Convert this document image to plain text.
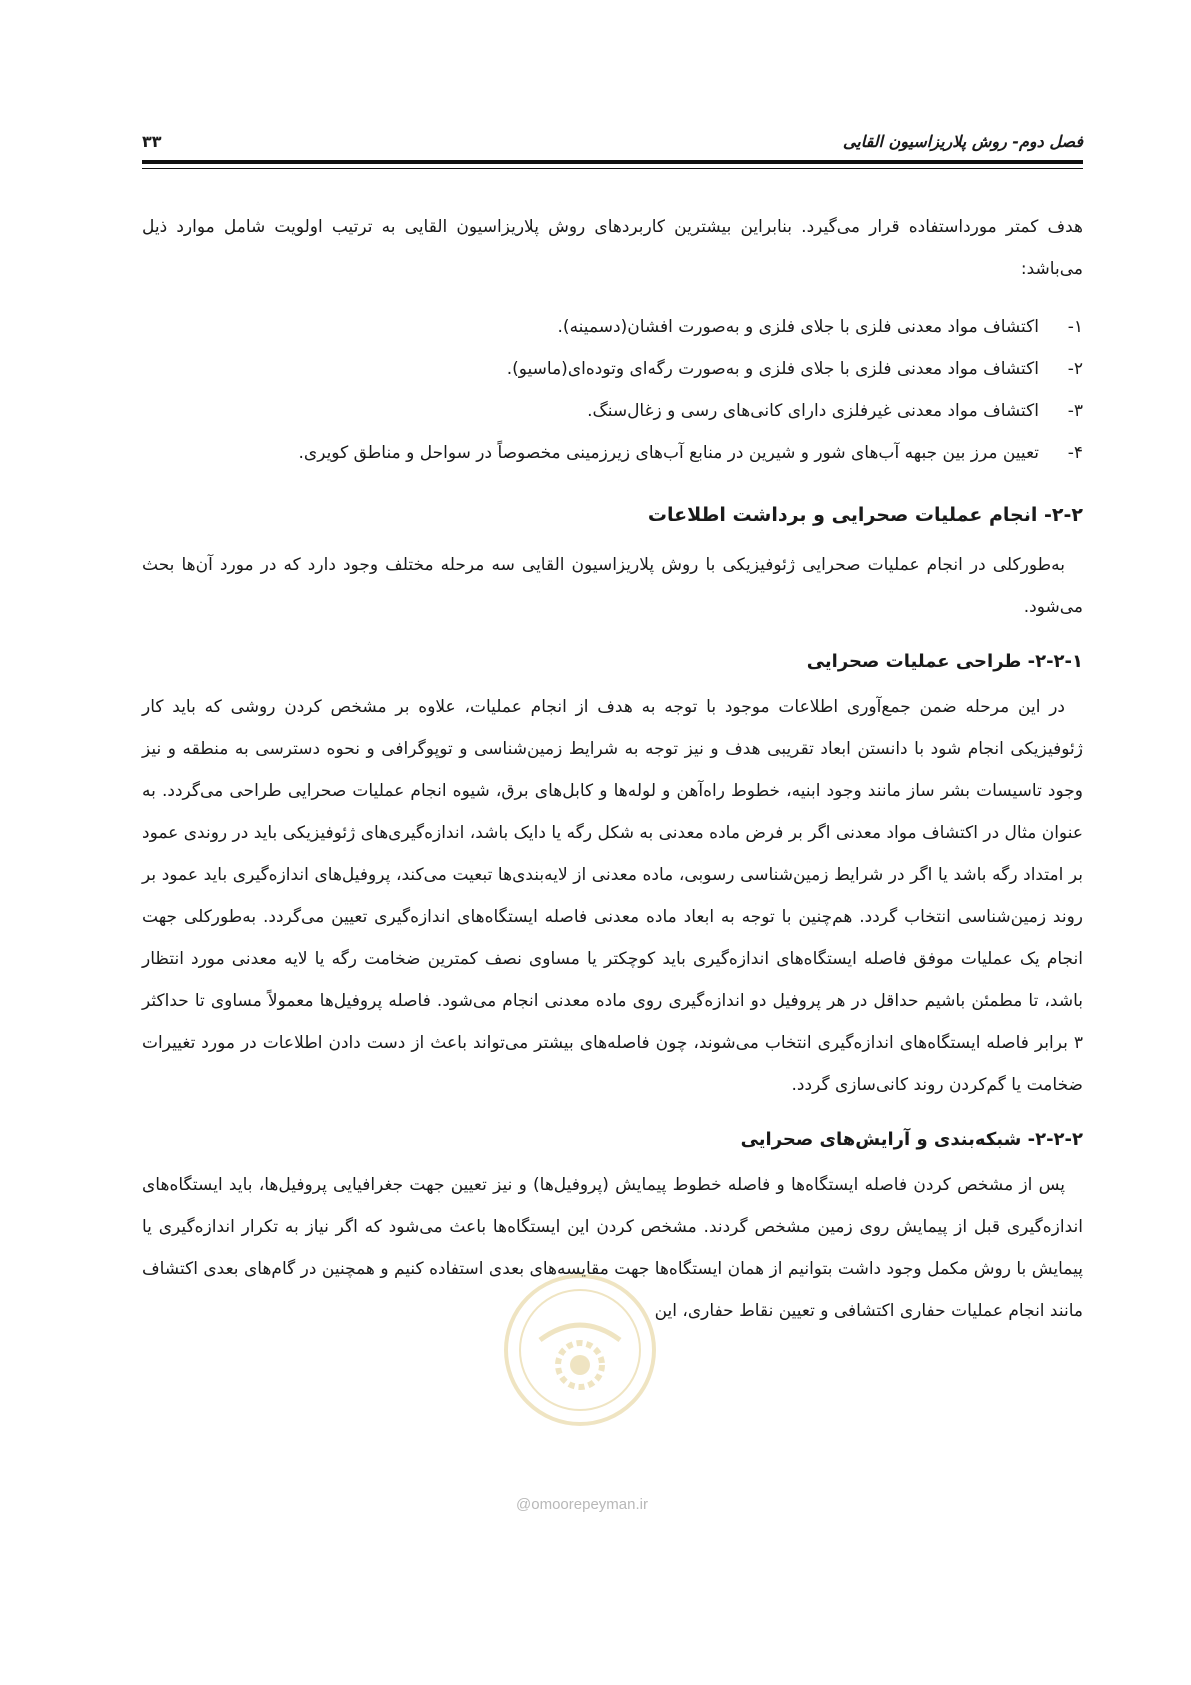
فصل دوم- روش پلاریزاسیون القایی
۳۳
@omoorepeyman.ir

هدف کمتر مورداستفاده قرار می‌گیرد. بنابراین بیشترین کاربردهای روش پلاریزاسیون القایی به ترتیب اولویت شامل موارد ذیل می‌باشد:

۱-
اکتشاف مواد معدنی فلزی با جلای فلزی و به‌صورت افشان(دسمینه).
۲-
اکتشاف مواد معدنی فلزی با جلای فلزی و به‌صورت رگه‌ای وتوده‌ای(ماسیو).
۳-
اکتشاف مواد معدنی غیرفلزی دارای کانی‌های رسی و زغال‌سنگ.
۴-
تعیین مرز بین جبهه آب‌های شور و شیرین در منابع آب‌های زیرزمینی مخصوصاً در سواحل و مناطق کویری.
۲-۲- انجام عملیات صحرایی و برداشت اطلاعات

به‌طورکلی در انجام عملیات صحرایی ژئوفیزیکی با روش پلاریزاسیون القایی سه مرحله مختلف وجود دارد که در مورد آن‌ها بحث می‌شود.

۲-۲-۱- طراحی عملیات صحرایی

در این مرحله ضمن جمع‌آوری اطلاعات موجود با توجه به هدف از انجام عملیات، علاوه بر مشخص کردن روشی که باید کار ژئوفیزیکی انجام شود با دانستن ابعاد تقریبی هدف و نیز توجه به شرایط زمین‌شناسی و توپوگرافی و نحوه دسترسی به منطقه و نیز وجود تاسیسات بشر ساز مانند وجود ابنیه، خطوط راه‌آهن و لوله‌ها و کابل‌های برق، شیوه انجام عملیات صحرایی طراحی می‌گردد. به عنوان مثال در اکتشاف مواد معدنی اگر بر فرض ماده معدنی به شکل رگه یا دایک باشد، اندازه‌گیری‌های ژئوفیزیکی باید در روندی عمود بر امتداد رگه باشد یا اگر در شرایط زمین‌شناسی رسوبی، ماده معدنی از لایه‌بندی‌ها تبعیت می‌کند، پروفیل‌های اندازه‌گیری باید عمود بر روند زمین‌شناسی انتخاب گردد. هم‌چنین با توجه به ابعاد ماده معدنی فاصله ایستگاه‌های اندازه‌گیری تعیین می‌گردد. به‌طورکلی جهت انجام یک عملیات موفق فاصله ایستگاه‌های اندازه‌گیری باید کوچکتر یا مساوی نصف کمترین ضخامت رگه یا لایه معدنی مورد انتظار باشد، تا مطمئن باشیم حداقل در هر پروفیل دو اندازه‌گیری روی ماده معدنی انجام می‌شود. فاصله پروفیل‌ها معمولاً مساوی تا حداکثر ۳ برابر فاصله ایستگاه‌های اندازه‌گیری انتخاب می‌شوند، چون فاصله‌های بیشتر می‌تواند باعث از دست دادن اطلاعات در مورد تغییرات ضخامت یا گم‌کردن روند کانی‌سازی گردد.

۲-۲-۲- شبکه‌بندی و آرایش‌های صحرایی

پس از مشخص کردن فاصله ایستگاه‌ها و فاصله خطوط پیمایش (پروفیل‌ها) و نیز تعیین جهت جغرافیایی پروفیل‌ها، باید ایستگاه‌های اندازه‌گیری قبل از پیمایش روی زمین مشخص گردند. مشخص کردن این ایستگاه‌ها باعث می‌شود که اگر نیاز به تکرار اندازه‌گیری یا پیمایش با روش مکمل وجود داشت بتوانیم از همان ایستگاه‌ها جهت مقایسه‌های بعدی استفاده کنیم و همچنین در گام‌های بعدی اکتشاف مانند انجام عملیات حفاری اکتشافی و تعیین نقاط حفاری، این
